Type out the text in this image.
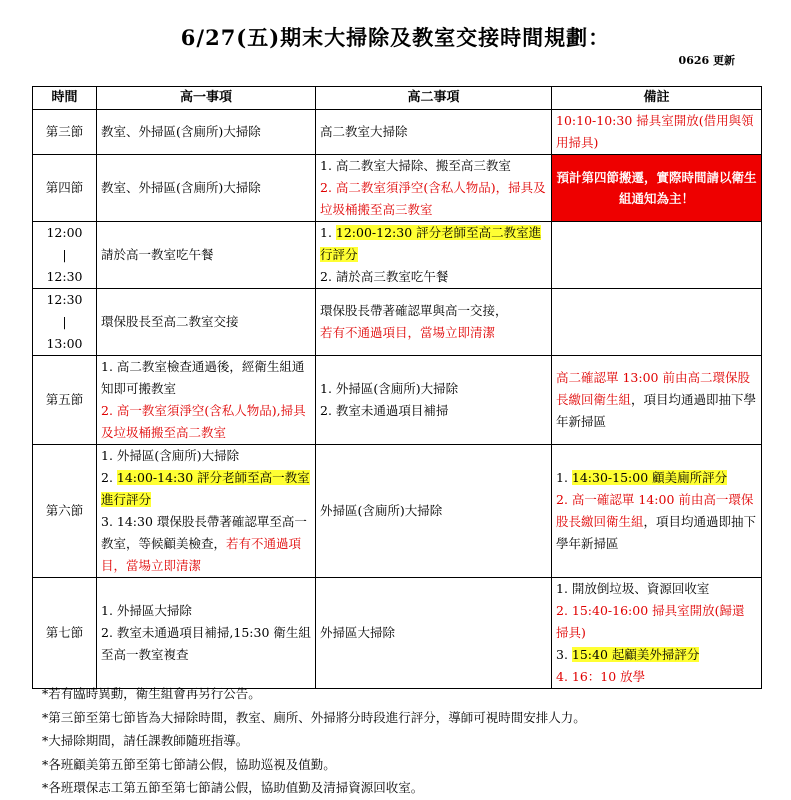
6/27(五)期末大掃除及教室交接時間規劃：
0626 更新
時間	高一事項	高二事項	備註

第三節	教室、外掃區(含廁所)大掃除	高二教室大掃除	10:10-10:30 掃具室開放(借用與領用掃具)

第四節	教室、外掃區(含廁所)大掃除	1. 高二教室大掃除、搬至高三教室
2. 高二教室須淨空(含私人物品)，掃具及垃圾桶搬至高三教室	預計第四節搬遷，實際時間請以衛生組通知為主！

12:00
|
12:30	請於高一教室吃午餐	1. 12:00-12:30 評分老師至高二教室進行評分
2. 請於高三教室吃午餐	

12:30
|
13:00	環保股長至高二教室交接	環保股長帶著確認單與高一交接，
若有不通過項目，當場立即清潔	

第五節	1. 高二教室檢查通過後，經衛生組通知即可搬教室
2. 高一教室須淨空(含私人物品),掃具及垃圾桶搬至高二教室	1. 外掃區(含廁所)大掃除
2. 教室未通過項目補掃	高二確認單 13:00 前由高二環保股長繳回衛生組，項目均通過即抽下學年新掃區

第六節	1. 外掃區(含廁所)大掃除
2. 14:00-14:30 評分老師至高一教室進行評分
3. 14:30 環保股長帶著確認單至高一教室，等候顧美檢查，若有不通過項目，當場立即清潔	外掃區(含廁所)大掃除	1. 14:30-15:00 顧美廁所評分
2. 高一確認單 14:00 前由高一環保股長繳回衛生組，項目均通過即抽下學年新掃區

第七節	1. 外掃區大掃除
2. 教室未通過項目補掃,15:30 衛生組至高一教室複查	外掃區大掃除	1. 開放倒垃圾、資源回收室
2. 15:40-16:00 掃具室開放(歸還掃具)
3. 15:40 起顧美外掃評分
4. 16：10 放學
*若有臨時異動，衛生組會再另行公告。
*第三節至第七節皆為大掃除時間，教室、廁所、外掃將分時段進行評分，導師可視時間安排人力。
*大掃除期間，請任課教師隨班指導。
*各班顧美第五節至第七節請公假，協助巡視及值勤。
*各班環保志工第五節至第七節請公假，協助值勤及清掃資源回收室。
